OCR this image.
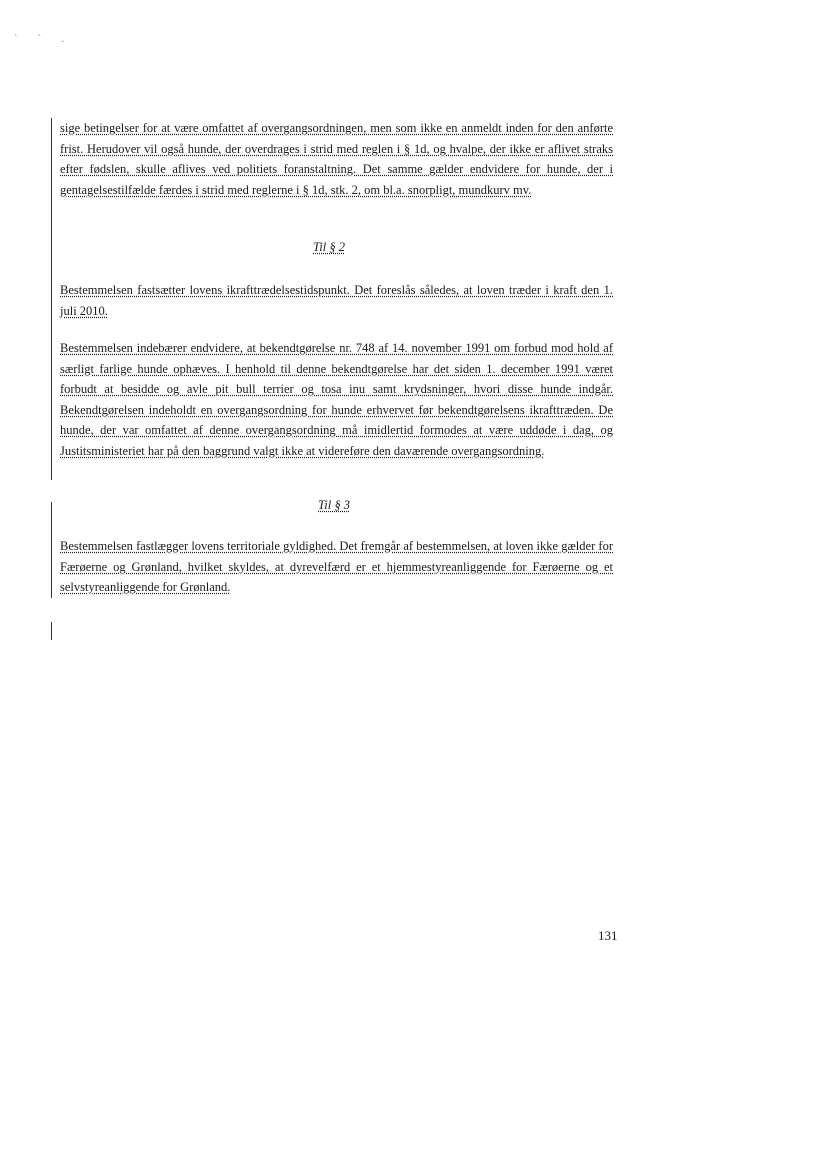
` ` .

sige betingelser for at være omfattet af overgangsordningen, men som ikke en anmeldt inden for den anførte frist. Herudover vil også hunde, der overdrages i strid med reglen i § 1d, og hvalpe, der ikke er aflivet straks efter fødslen, skulle aflives ved politiets foranstaltning. Det samme gælder endvidere for hunde, der i gentagelsestilfælde færdes i strid med reglerne i § 1d, stk. 2, om bl.a. snorpligt, mundkurv mv.

Til § 2

Bestemmelsen fastsætter lovens ikrafttrædelsestidspunkt. Det foreslås således, at loven træder i kraft den 1. juli 2010.

Bestemmelsen indebærer endvidere, at bekendtgørelse nr. 748 af 14. november 1991 om forbud mod hold af særligt farlige hunde ophæves. I henhold til denne bekendtgørelse har det siden 1. december 1991 været forbudt at besidde og avle pit bull terrier og tosa inu samt krydsninger, hvori disse hunde indgår. Bekendtgørelsen indeholdt en overgangsordning for hunde erhvervet før bekendtgørelsens ikrafttræden. De hunde, der var omfattet af denne overgangsordning må imidlertid formodes at være uddøde i dag, og Justitsministeriet har på den baggrund valgt ikke at videreføre den daværende overgangsordning.

Til § 3

Bestemmelsen fastlægger lovens territoriale gyldighed. Det fremgår af bestemmelsen, at loven ikke gælder for Færøerne og Grønland, hvilket skyldes, at dyrevelfærd er et hjemmestyreanliggende for Færøerne og et selvstyreanliggende for Grønland.

131
